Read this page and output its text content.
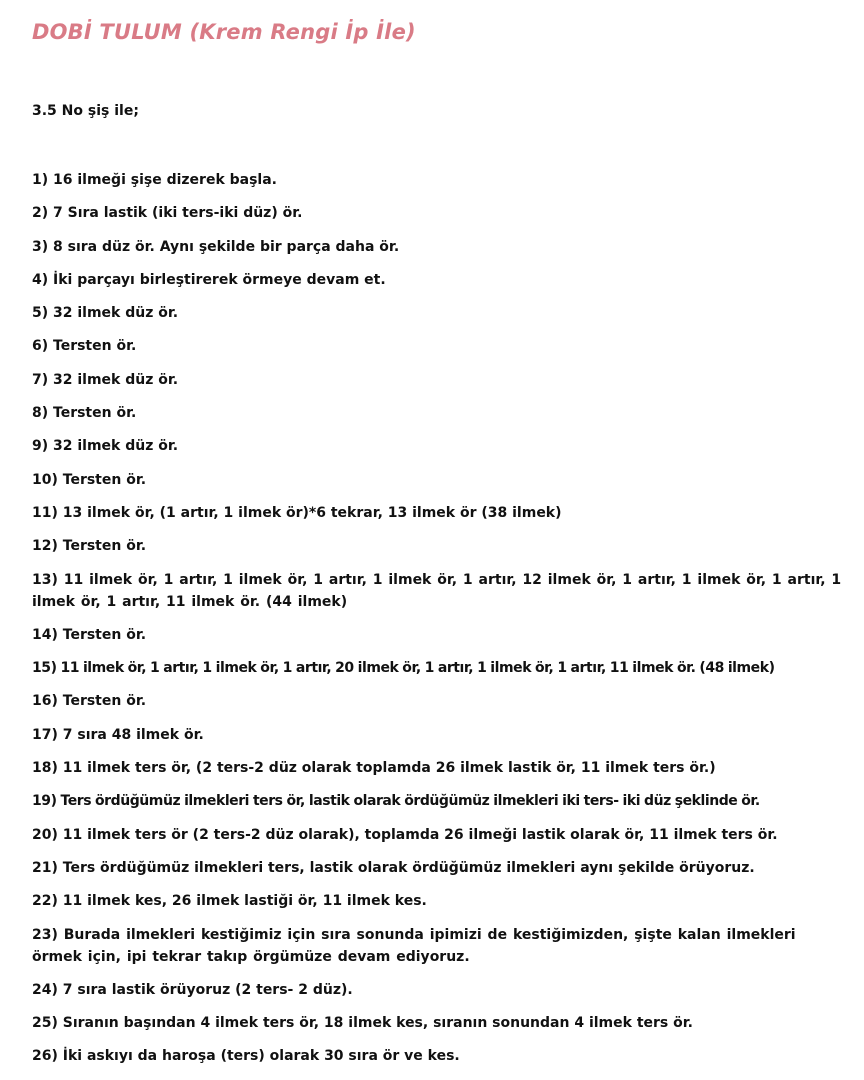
DOBİ TULUM (Krem Rengi İp İle)
3.5 No şiş ile;
1) 16 ilmeği şişe dizerek başla.
2) 7 Sıra lastik (iki ters-iki düz) ör.
3) 8 sıra düz ör. Aynı şekilde bir parça daha ör.
4) İki parçayı birleştirerek örmeye devam et.
5) 32 ilmek düz ör.
6) Tersten ör.
7) 32 ilmek düz ör.
8) Tersten ör.
9) 32 ilmek düz ör.
10) Tersten ör.
11) 13 ilmek ör, (1 artır, 1 ilmek ör)*6 tekrar, 13 ilmek ör (38 ilmek)
12) Tersten ör.
13) 11 ilmek ör, 1 artır, 1 ilmek ör, 1 artır, 1 ilmek ör, 1 artır, 12 ilmek ör, 1 artır, 1 ilmek ör, 1 artır, 1 ilmek ör, 1 artır, 11 ilmek ör. (44 ilmek)
14) Tersten ör.
15) 11 ilmek ör, 1 artır, 1 ilmek ör, 1 artır, 20 ilmek ör, 1 artır, 1 ilmek ör, 1 artır, 11 ilmek ör. (48 ilmek)
16) Tersten ör.
17) 7 sıra 48 ilmek ör.
18) 11 ilmek ters ör, (2 ters-2 düz olarak toplamda 26 ilmek lastik ör, 11 ilmek ters ör.)
19) Ters ördüğümüz ilmekleri ters ör, lastik olarak ördüğümüz ilmekleri iki ters- iki düz şeklinde ör.
20) 11 ilmek ters ör (2 ters-2 düz olarak), toplamda 26 ilmeği lastik olarak ör, 11 ilmek ters ör.
21) Ters ördüğümüz ilmekleri ters, lastik olarak ördüğümüz ilmekleri aynı şekilde örüyoruz.
22) 11 ilmek kes, 26 ilmek lastiği ör, 11 ilmek kes.
23) Burada ilmekleri kestiğimiz için sıra sonunda ipimizi de kestiğimizden, şişte kalan ilmekleri örmek için, ipi tekrar takıp örgümüze devam ediyoruz.
24) 7 sıra lastik örüyoruz (2 ters- 2 düz).
25) Sıranın başından 4 ilmek ters ör, 18 ilmek kes, sıranın sonundan 4 ilmek ters ör.
26) İki askıyı da haroşa (ters) olarak 30 sıra ör ve kes.
